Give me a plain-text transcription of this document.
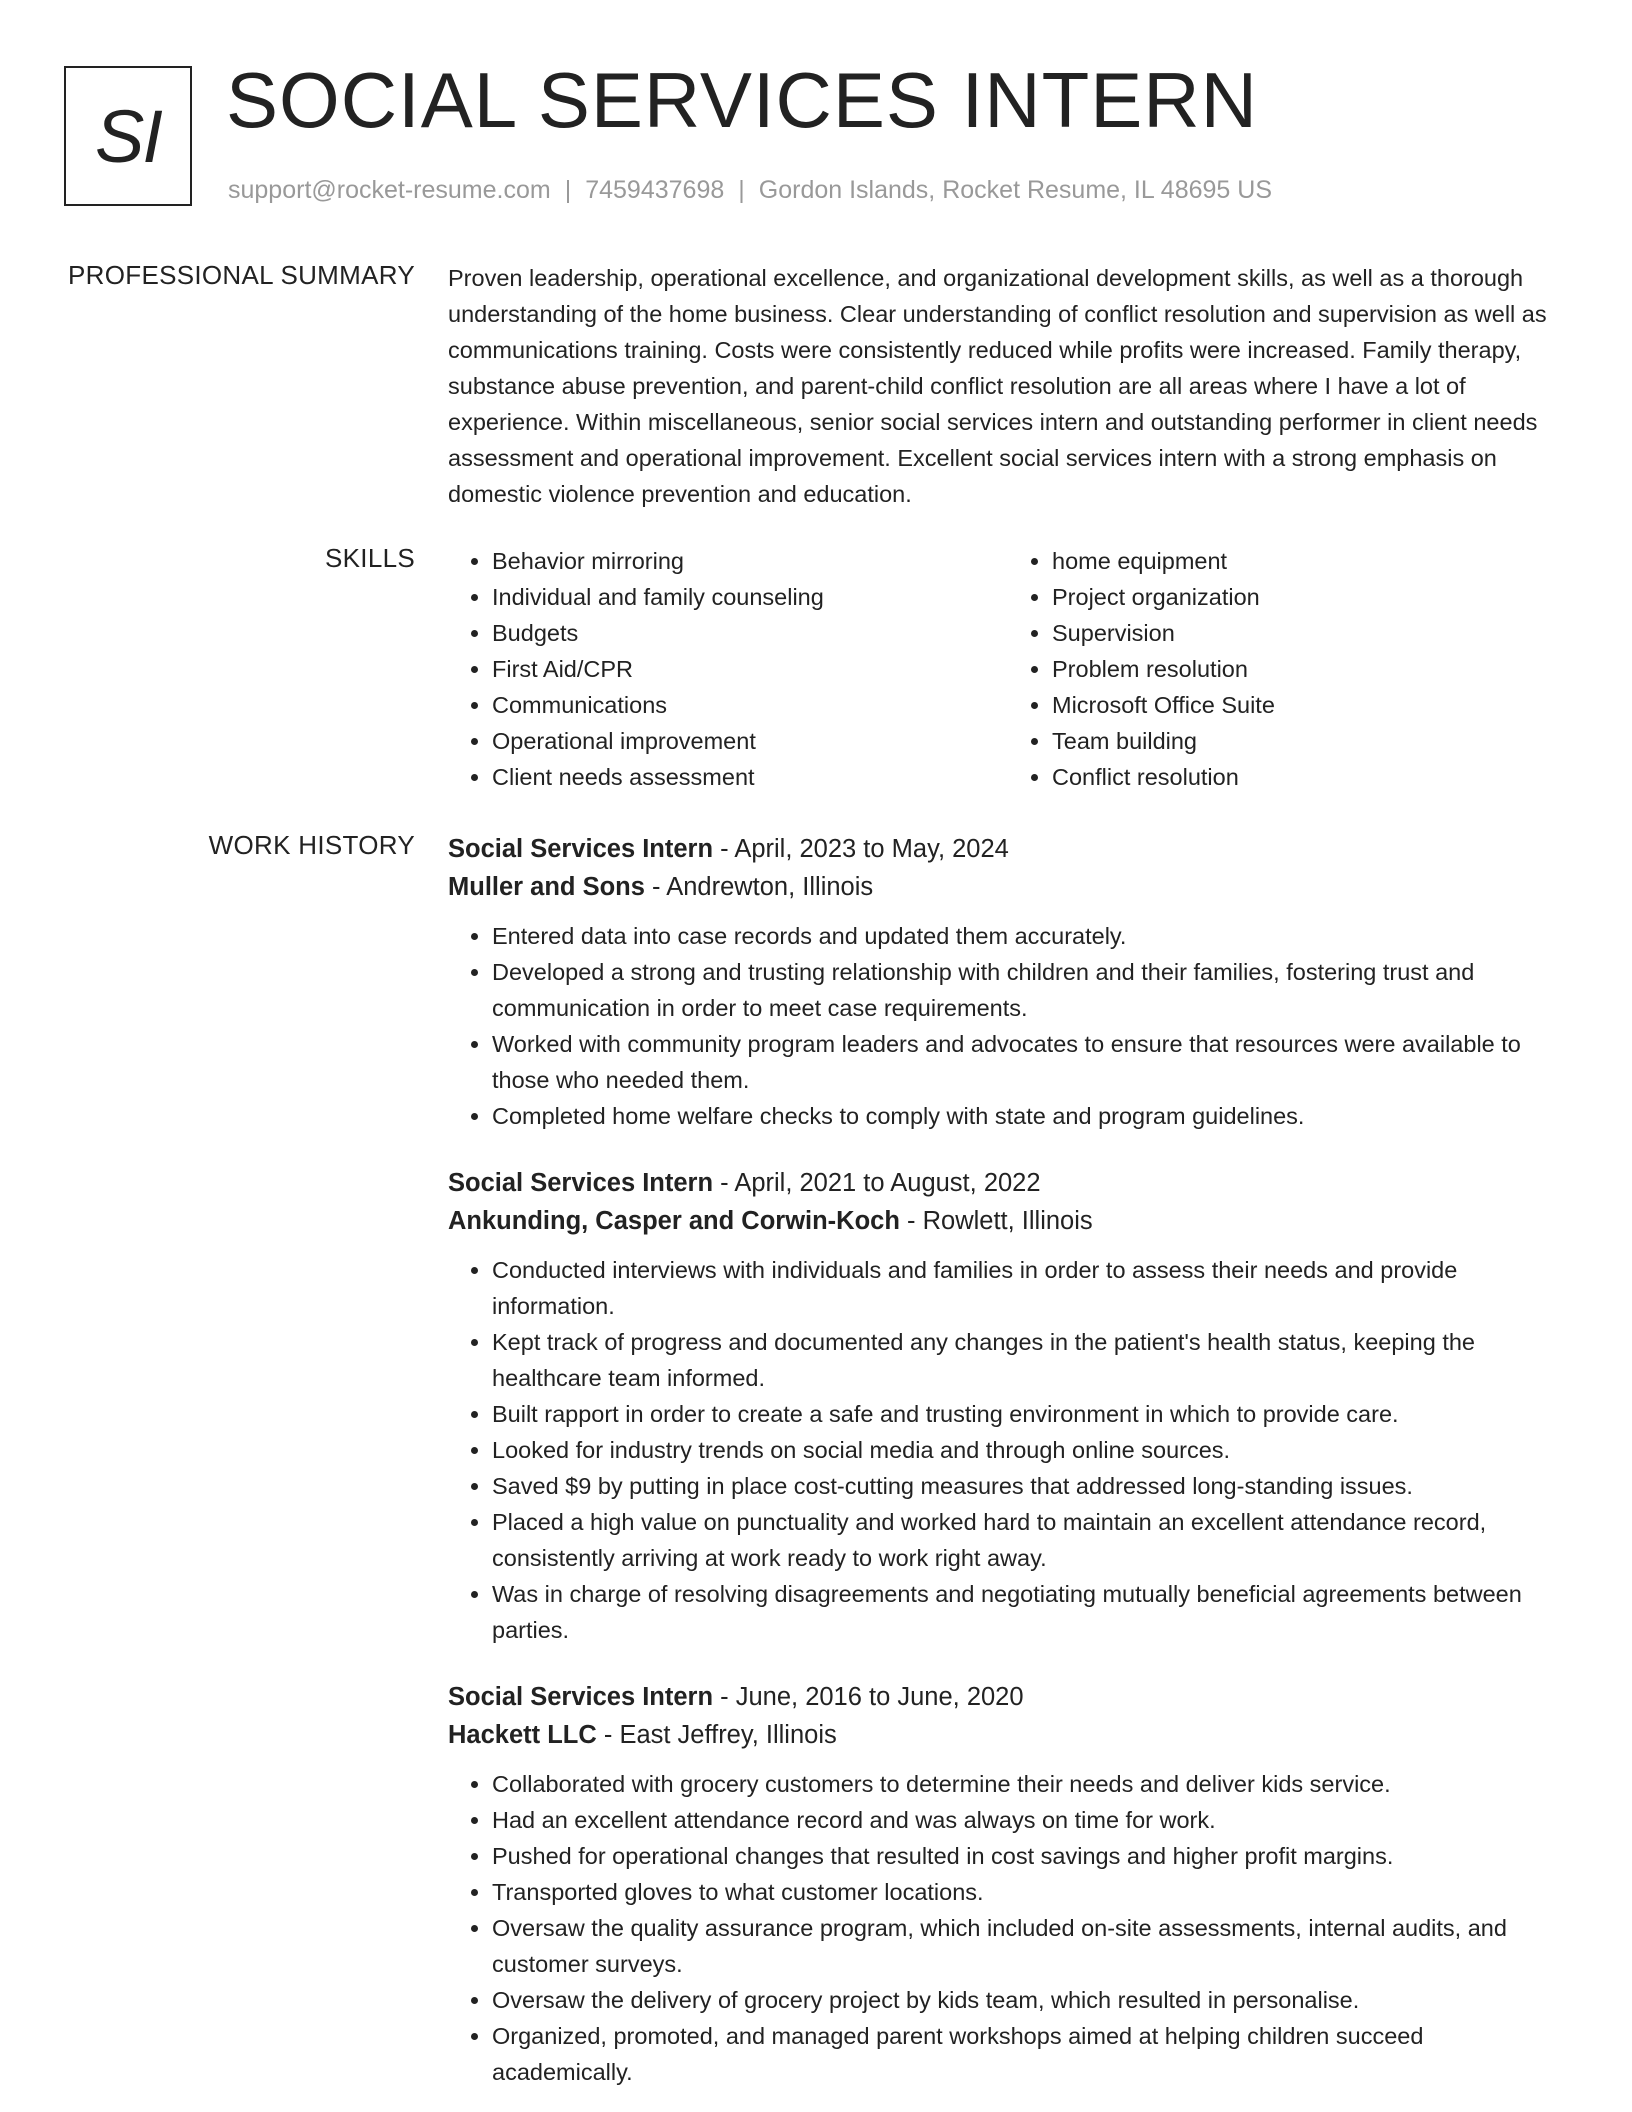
SI SOCIAL SERVICES INTERN
support@rocket-resume.com | 7459437698 | Gordon Islands, Rocket Resume, IL 48695 US
PROFESSIONAL SUMMARY Proven leadership, operational excellence, and organizational development skills, as well as a thorough understanding of the home business. Clear understanding of conflict resolution and supervision as well as communications training. Costs were consistently reduced while profits were increased. Family therapy, substance abuse prevention, and parent-child conflict resolution are all areas where I have a lot of experience. Within miscellaneous, senior social services intern and outstanding performer in client needs assessment and operational improvement. Excellent social services intern with a strong emphasis on domestic violence prevention and education.

SKILLS
•	Behavior mirroring
• Individual and family counseling
• Budgets
• First Aid/CPR
• Communications
• Operational improvement
• Client needs assessment
• home equipment
• Project organization
• Supervision
• Problem resolution
• Microsoft Office Suite
• Team building
• Conflict resolution
WORK HISTORY Social Services Intern - April, 2023 to May, 2024
Muller and Sons - Andrewton, Illinois
• Entered data into case records and updated them accurately.
• Developed a strong and trusting relationship with children and their families, fostering trust and communication in order to meet case requirements.
• Worked with community program leaders and advocates to ensure that resources were available to those who needed them.
• Completed home welfare checks to comply with state and program guidelines.
Social Services Intern - April, 2021 to August, 2022
Ankunding, Casper and Corwin-Koch - Rowlett, Illinois
• Conducted interviews with individuals and families in order to assess their needs and provide information.
• Kept track of progress and documented any changes in the patient's health status, keeping the healthcare team informed.
• Built rapport in order to create a safe and trusting environment in which to provide care.
• Looked for industry trends on social media and through online sources.
• Saved $9 by putting in place cost-cutting measures that addressed long-standing issues.
• Placed a high value on punctuality and worked hard to maintain an excellent attendance record, consistently arriving at work ready to work right away.
• Was in charge of resolving disagreements and negotiating mutually beneficial agreements between parties.
Social Services Intern - June, 2016 to June, 2020
Hackett LLC - East Jeffrey, Illinois
• Collaborated with grocery customers to determine their needs and deliver kids service.
• Had an excellent attendance record and was always on time for work.
• Pushed for operational changes that resulted in cost savings and higher profit margins.
• Transported gloves to what customer locations.
• Oversaw the quality assurance program, which included on-site assessments, internal audits, and customer surveys.
• Oversaw the delivery of grocery project by kids team, which resulted in personalise.
• Organized, promoted, and managed parent workshops aimed at helping children succeed academically.
